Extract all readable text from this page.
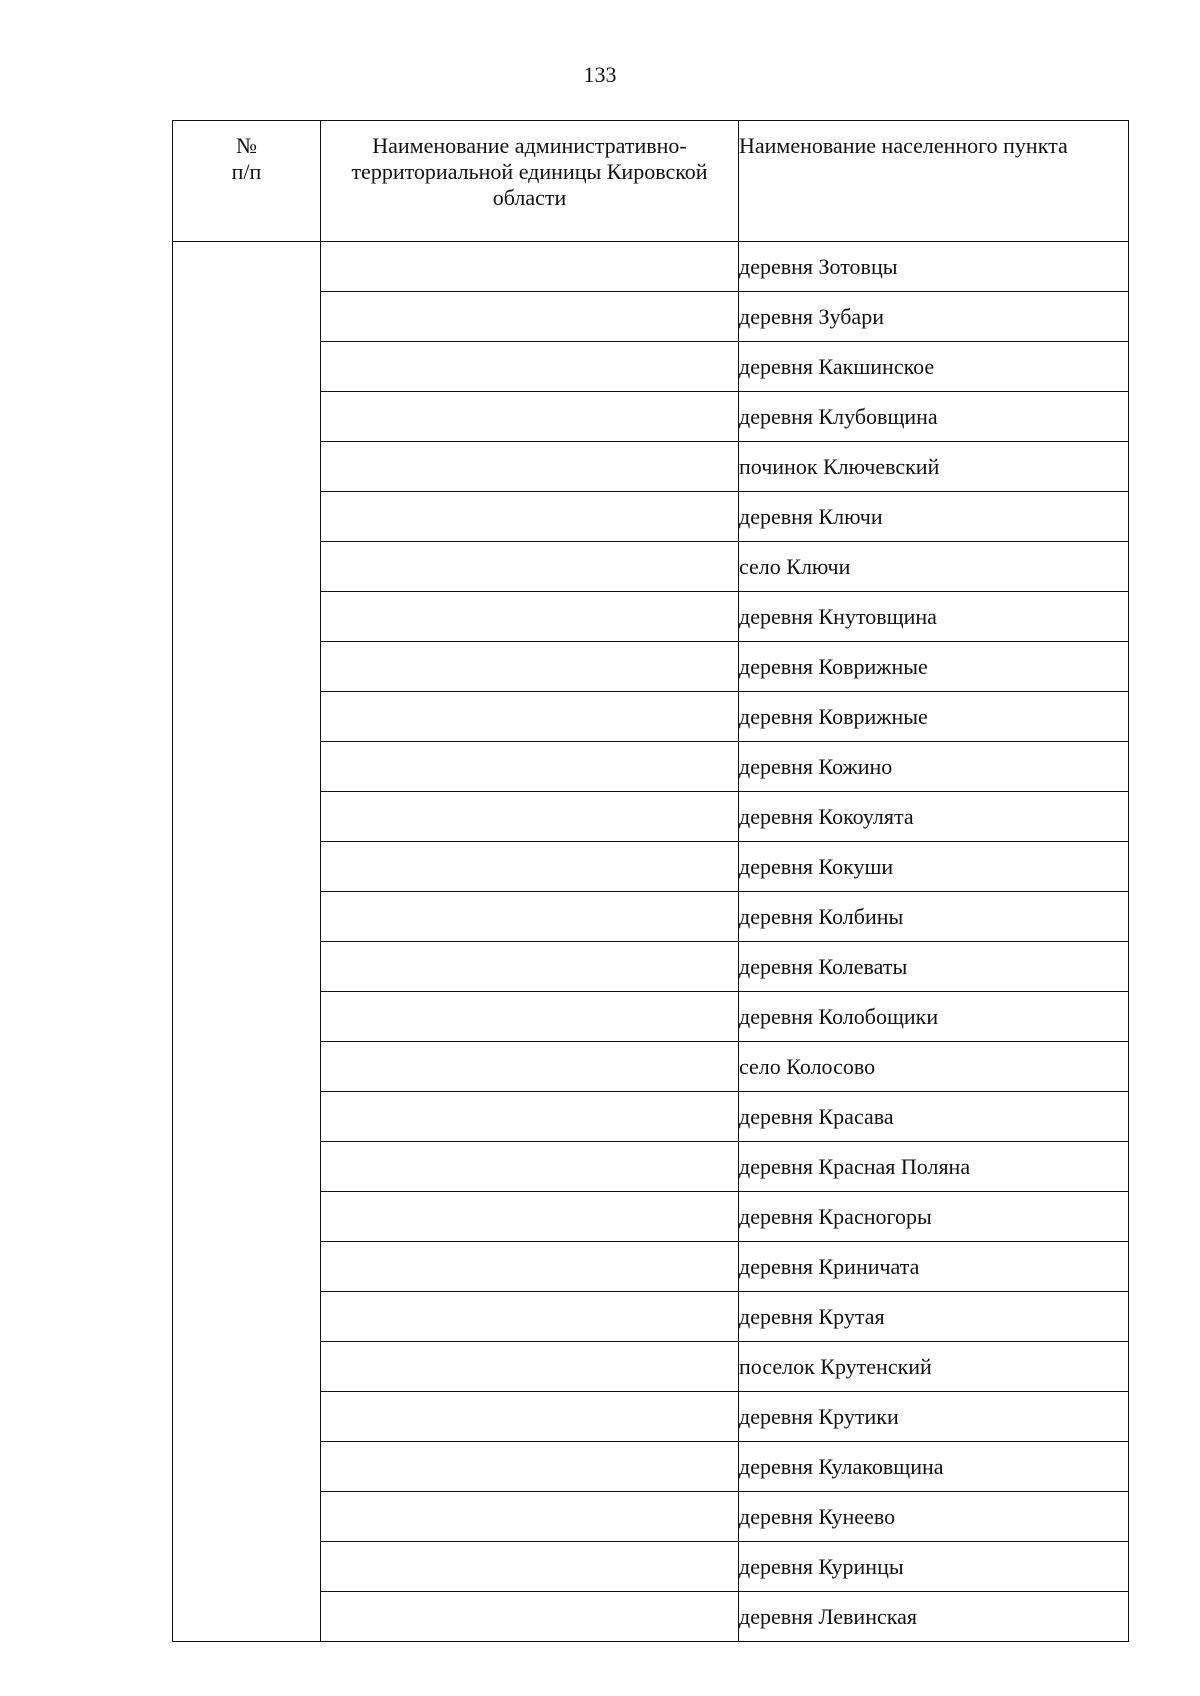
133
№
п/п	Наименование административно-территориальной единицы Кировской области	Наименование населенного пункта
		деревня Зотовцы
		деревня Зубари
		деревня Какшинское
		деревня Клубовщина
		починок Ключевский
		деревня Ключи
		село Ключи
		деревня Кнутовщина
		деревня Коврижные
		деревня Коврижные
		деревня Кожино
		деревня Кокоулята
		деревня Кокуши
		деревня Колбины
		деревня Колеваты
		деревня Колобощики
		село Колосово
		деревня Красава
		деревня Красная Поляна
		деревня Красногоры
		деревня Криничата
		деревня Крутая
		поселок Крутенский
		деревня Крутики
		деревня Кулаковщина
		деревня Кунеево
		деревня Куринцы
		деревня Левинская
